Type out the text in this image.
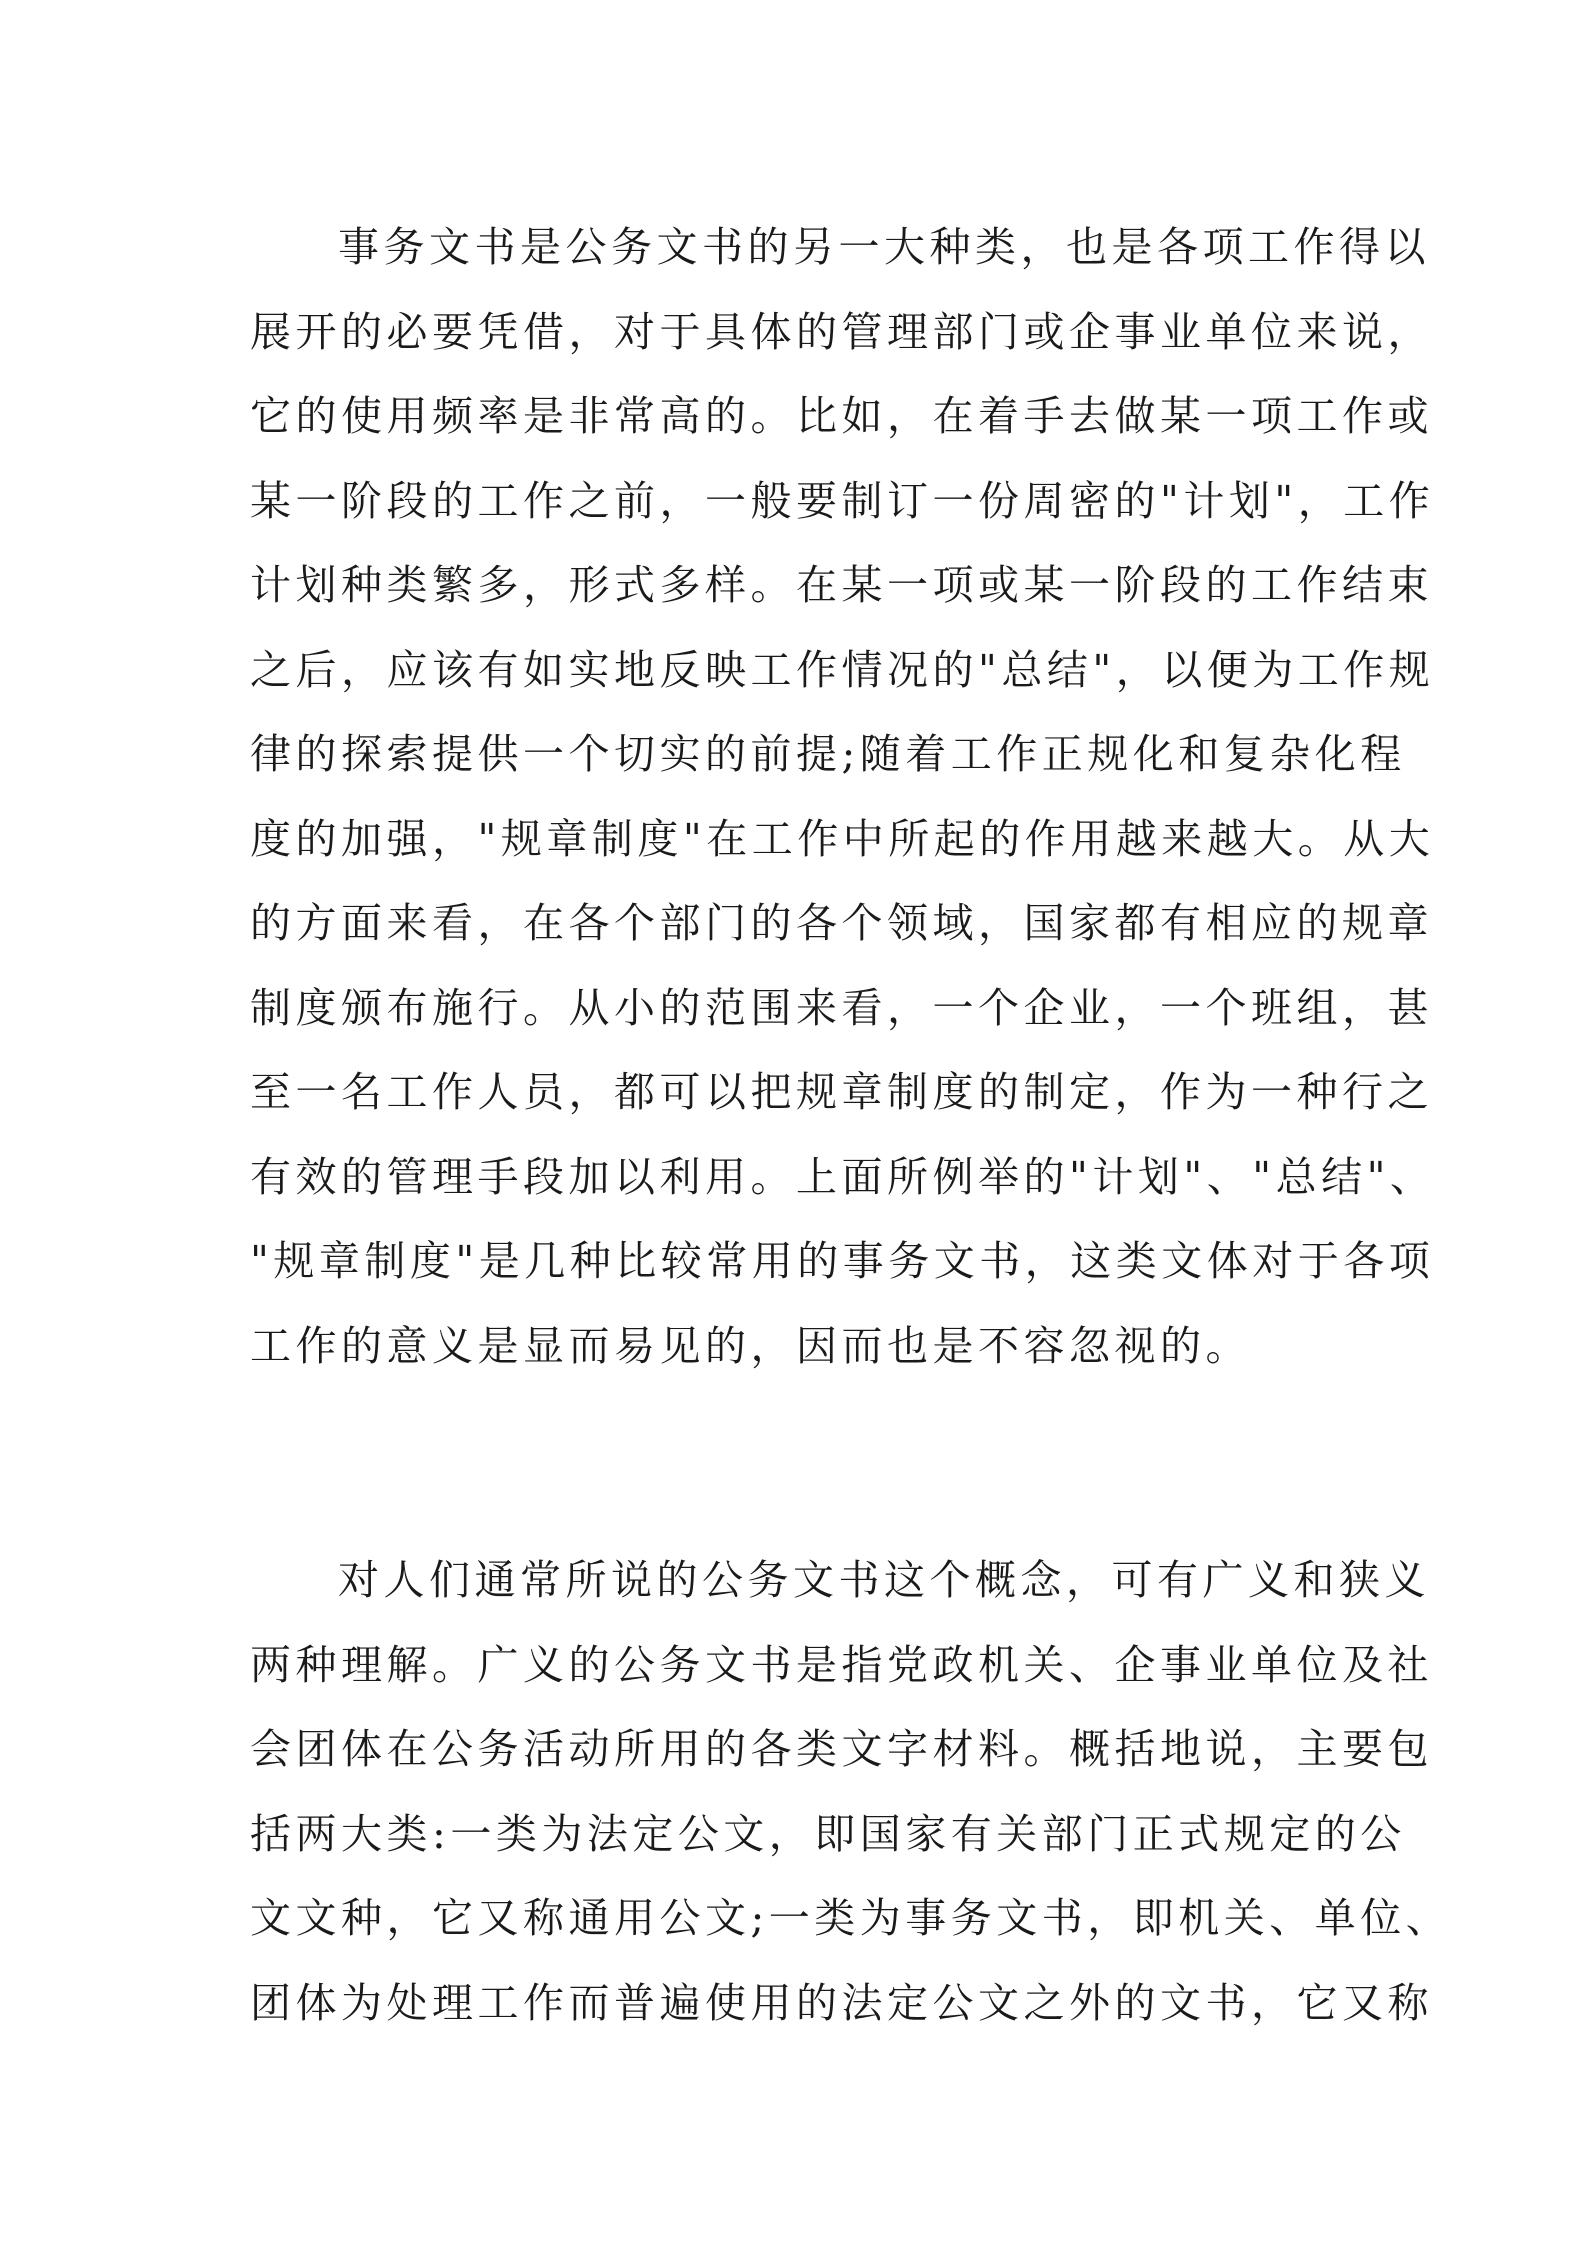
事务文书是公务文书的另一大种类，也是各项工作得以
展开的必要凭借，对于具体的管理部门或企事业单位来说，
它的使用频率是非常高的。比如，在着手去做某一项工作或
某一阶段的工作之前，一般要制订一份周密的"计划"，工作
计划种类繁多，形式多样。在某一项或某一阶段的工作结束
之后，应该有如实地反映工作情况的"总结"，以便为工作规
律的探索提供一个切实的前提;随着工作正规化和复杂化程
度的加强，"规章制度"在工作中所起的作用越来越大。从大
的方面来看，在各个部门的各个领域，国家都有相应的规章
制度颁布施行。从小的范围来看，一个企业，一个班组，甚
至一名工作人员，都可以把规章制度的制定，作为一种行之
有效的管理手段加以利用。上面所例举的"计划"、"总结"、
"规章制度"是几种比较常用的事务文书，这类文体对于各项
工作的意义是显而易见的，因而也是不容忽视的。
对人们通常所说的公务文书这个概念，可有广义和狭义
两种理解。广义的公务文书是指党政机关、企事业单位及社
会团体在公务活动所用的各类文字材料。概括地说，主要包
括两大类:一类为法定公文，即国家有关部门正式规定的公
文文种，它又称通用公文;一类为事务文书，即机关、单位、
团体为处理工作而普遍使用的法定公文之外的文书，它又称
